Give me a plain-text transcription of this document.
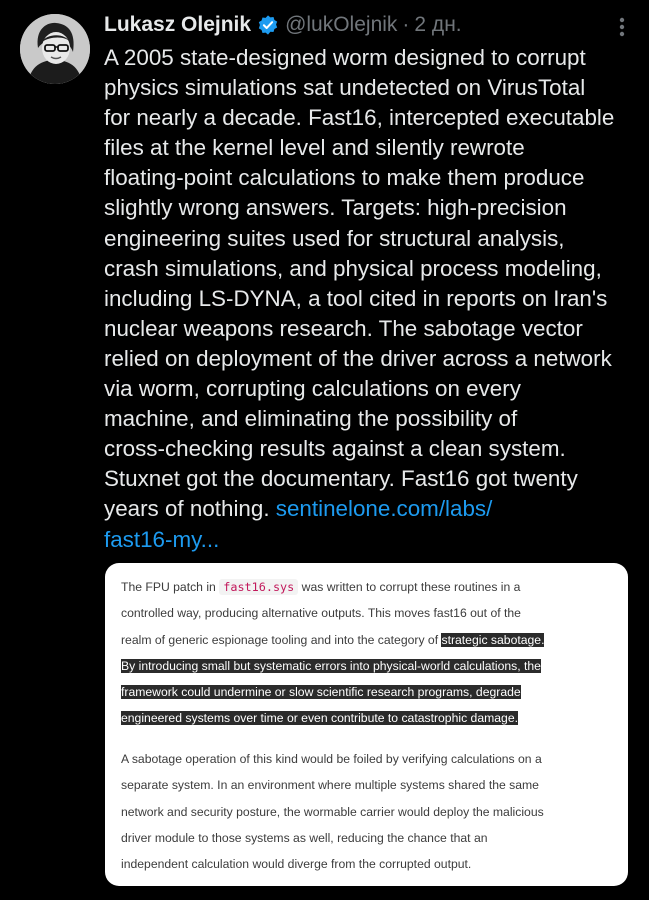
Lukasz Olejnik @lukOlejnik · 2 дн.

A 2005 state-designed worm designed to corrupt
physics simulations sat undetected on VirusTotal
for nearly a decade. Fast16, intercepted executable
files at the kernel level and silently rewrote
floating-point calculations to make them produce
slightly wrong answers. Targets: high-precision
engineering suites used for structural analysis,
crash simulations, and physical process modeling,
including LS-DYNA, a tool cited in reports on Iran's
nuclear weapons research. The sabotage vector
relied on deployment of the driver across a network
via worm, corrupting calculations on every
machine, and eliminating the possibility of
cross-checking results against a clean system.
Stuxnet got the documentary. Fast16 got twenty
years of nothing. sentinelone.com/labs/
fast16-my...

The FPU patch in fast16.sys was written to corrupt these routines in a
controlled way, producing alternative outputs. This moves fast16 out of the
realm of generic espionage tooling and into the category of strategic sabotage.
By introducing small but systematic errors into physical-world calculations, the
framework could undermine or slow scientific research programs, degrade
engineered systems over time or even contribute to catastrophic damage.

A sabotage operation of this kind would be foiled by verifying calculations on a
separate system. In an environment where multiple systems shared the same
network and security posture, the wormable carrier would deploy the malicious
driver module to those systems as well, reducing the chance that an
independent calculation would diverge from the corrupted output.
